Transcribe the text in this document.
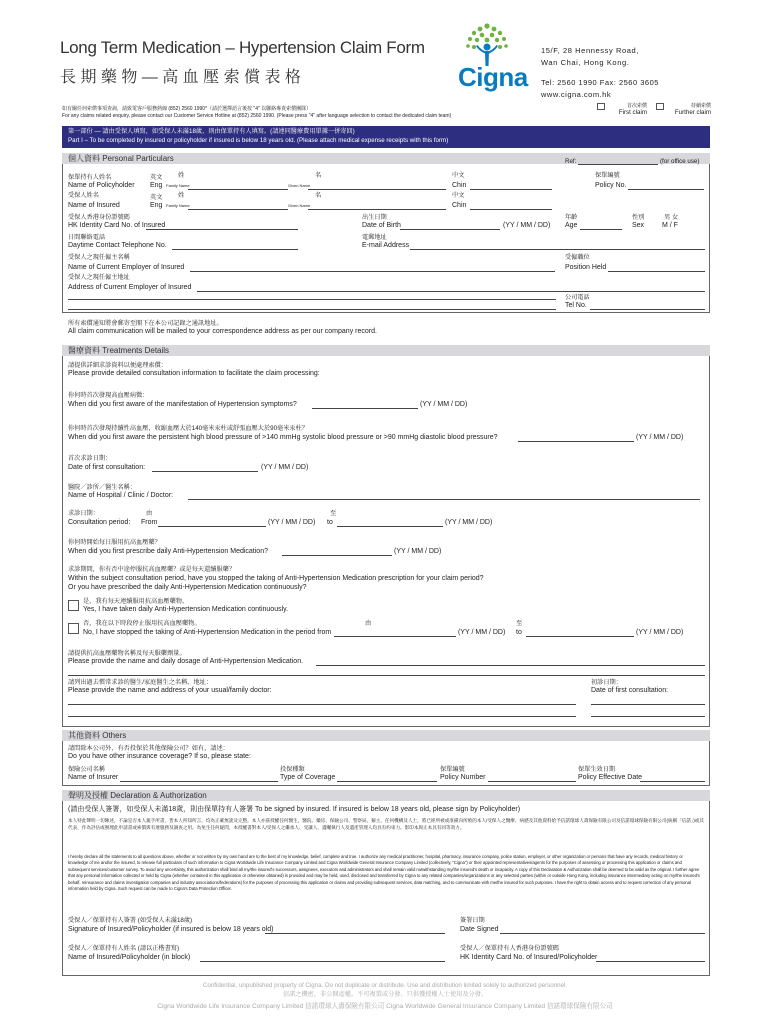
Long Term Medication – Hypertension Claim Form
長 期 藥 物 — 高 血 壓 索 償 表 格	Cigna
15/F, 28 Hennessy Road,
Wan Chai, Hong Kong.
Tel: 2560 1990 Fax: 2560 3605
www.cigna.com.hk
如有關任何索償事項查詢，請致電客戶服務熱線 (852) 2560 1990*（請於選擇語言後按 "4" 以聯絡專責索償團隊）
For any claims related enquiry, please contact our Customer Service Hotline at (852) 2560 1990. (Please press "4" after language selection to contact the dedicated claim team)
首次索償
First claim
持續索償
Further claim
第一部份 — 請由受保人填寫，如受保人未滿18歲，則由保單持有人填寫。(請連同醫療費用單據一併寄回)
Part I – To be completed by insured or policyholder if insured is below 18 years old. (Please attach medical expense receipts with this form)
個人資料 Personal Particulars	Ref:	(for office use)
保單持有人姓名
Name of Policyholder
英文
Eng
姓
Family Name
名
Given Name
中文
Chin
保單編號
Policy No.
受保人姓名
Name of Insured
英文
Eng
姓
Family Name
名
Given Name
中文
Chin
受保人香港身份證號碼
HK Identity Card No. of Insured
出生日期
Date of Birth	(YY / MM / DD)
年齡
Age
性別
Sex
男 女
M / F
日間聯絡電話
Daytime Contact Telephone No.
電郵地址
E-mail Address
受保人之現任僱主名稱
Name of Current Employer of Insured
受僱職位
Position Held
受保人之現任僱主地址
Address of Current Employer of Insured
公司電話
Tel No.
所有索償通知將會郵寄至閣下在本公司記錄之通訊地址。
All claim communication will be mailed to your correspondence address as per our company record.
醫療資料 Treatments Details
請提供詳細求診資料以便處理索償：
Please provide detailed consultation information to facilitate the claim processing:
你何時首次發現高血壓病徵：
When did you first aware of the manifestation of Hypertension symptoms?	(YY / MM / DD)
你何時首次發現持續性高血壓，收縮血壓大於140毫米汞柱或舒張血壓大於90毫米汞柱？
When did you first aware the persistent high blood pressure of >140 mmHg systolic blood pressure or >90 mmHg diastolic blood pressure?	(YY / MM / DD)
首次求診日期：
Date of first consultation:	(YY / MM / DD)
醫院／診所／醫生名稱：
Name of Hospital / Clinic / Doctor:
求診日期：	由	至
Consultation period: From	(YY / MM / DD) to	(YY / MM / DD)
你何時開始每日服用抗高血壓藥？
When did you first prescribe daily Anti-Hypertension Medication?	(YY / MM / DD)
求診期間，你有否中途停服抗高血壓藥？或是每天還續服藥？
Within the subject consultation period, have you stopped the taking of Anti-Hypertension Medication prescription for your claim period?
Or you have prescribed the daily Anti-Hypertension Medication continuously?
是，我有每天連續服用抗高血壓藥物。
Yes, I have taken daily Anti-Hypertension Medication continuously.
否，我在以下時段停止服用抗高血壓藥物。	由	至
No, I have stopped the taking of Anti-Hypertension Medication in the period from	(YY / MM / DD) to	(YY / MM / DD)
請提供抗高血壓藥物名稱及每天服藥劑量。
Please provide the name and daily dosage of Anti-Hypertension Medication.
請列出過去慣常求診的醫生/家庭醫生之名稱、地址：
Please provide the name and address of your usual/family doctor:
初診日期：
Date of first consultation:
其他資料 Others
請問除本公司外，有否投保於其他保險公司？如有，請述：
Do you have other insurance coverage? If so, please state:
保險公司名稱
Name of Insurer
投保種類
Type of Coverage
保單編號
Policy Number
保單生效日期
Policy Effective Date
聲明及授權 Declaration & Authorization
(請由受保人簽署，如受保人未滿18歲，則由保單持有人簽署 To be signed by insured. If insured is below 18 years old, please sign by Policyholder)
本人特此聲明一切陳述，不論是否本人親手所書，皆本人所知所言，均為正確無訛及完整。本人亦茲授權任何醫生、醫院、藥房、保險公司、警察局、僱主、任何機構及人士，將已經所被或准備向所被的本人/受保人之醫療、病歷及其他資料給予信諾環球人壽保險有限公司及信諾環球保險有限公司(統稱「信諾」)或其代表，作為評估或辦理此申請書或索償與有連服務及調查之用。為免生任何疑問，本授權書對本人/受保人之繼承人、受讓人、遺囑執行人及遺產管理人均具有約束力。影印本與正本具有同等效力。
I hereby declare all the statements to all questions above, whether or not written by my own hand are to the best of my knowledge, belief, complete and true. I authorize any medical practitioner, hospital, pharmacy, insurance company, police station, employer, or other organization or persons that have any records, medical history or knowledge of me and/or the insured, to release full particulars of such information to Cigna Worldwide Life Insurance Company Limited and Cigna Worldwide General Insurance Company Limited (collectively, "Cigna") or their appointed representatives/agents for the purposes of assessing or processing this application or claims and subsequent services/customer survey. To avoid any uncertainty, this authorization shall bind all my/the insured's successors, assignees, executors and administrators and shall remain valid notwithstanding my/the insured's death or incapacity. A copy of this Declaration & Authorization shall be deemed to be valid as the original. I further agree that any personal information collected or held by Cigna (whether contained in this application or otherwise obtained) is provided and may be held, used, disclosed and transferred by Cigna to any related companies/organizations or any selected parties (within or outside Hong Kong, including insurance intermediary acting on my/the insured's behalf, reinsurance and claims investigation companies and industry associations/federations) for the purposes of processing this application or claims and providing subsequent services, data matching, and to communicate with me/the insured for such purposes. I have the right to obtain access and to request correction of any personal information held by Cigna. Such request can be made to Cigna's Data Protection Officer.
受保人／保單持有人簽署 (如受保人未滿18歲)
Signature of Insured/Policyholder (if insured is below 18 years old)
簽署日期
Date Signed
受保人／保單持有人姓名 (請以正楷書寫)
Name of Insured/Policyholder (in block)
受保人／保單持有人香港身份證號碼
HK Identity Card No. of Insured/Policyholder
Confidential, unpublished property of Cigna. Do not duplicate or distribute. Use and distribution limited solely to authorized personnel.
信諾之機密，非公開產權。不可複製或分發。只供獲授權人士使用及分發。
Cigna Worldwide Life Insurance Company Limited 信諾環球人壽保險有限公司 Cigna Worldwide General Insurance Company Limited 信諾環球保險有限公司
